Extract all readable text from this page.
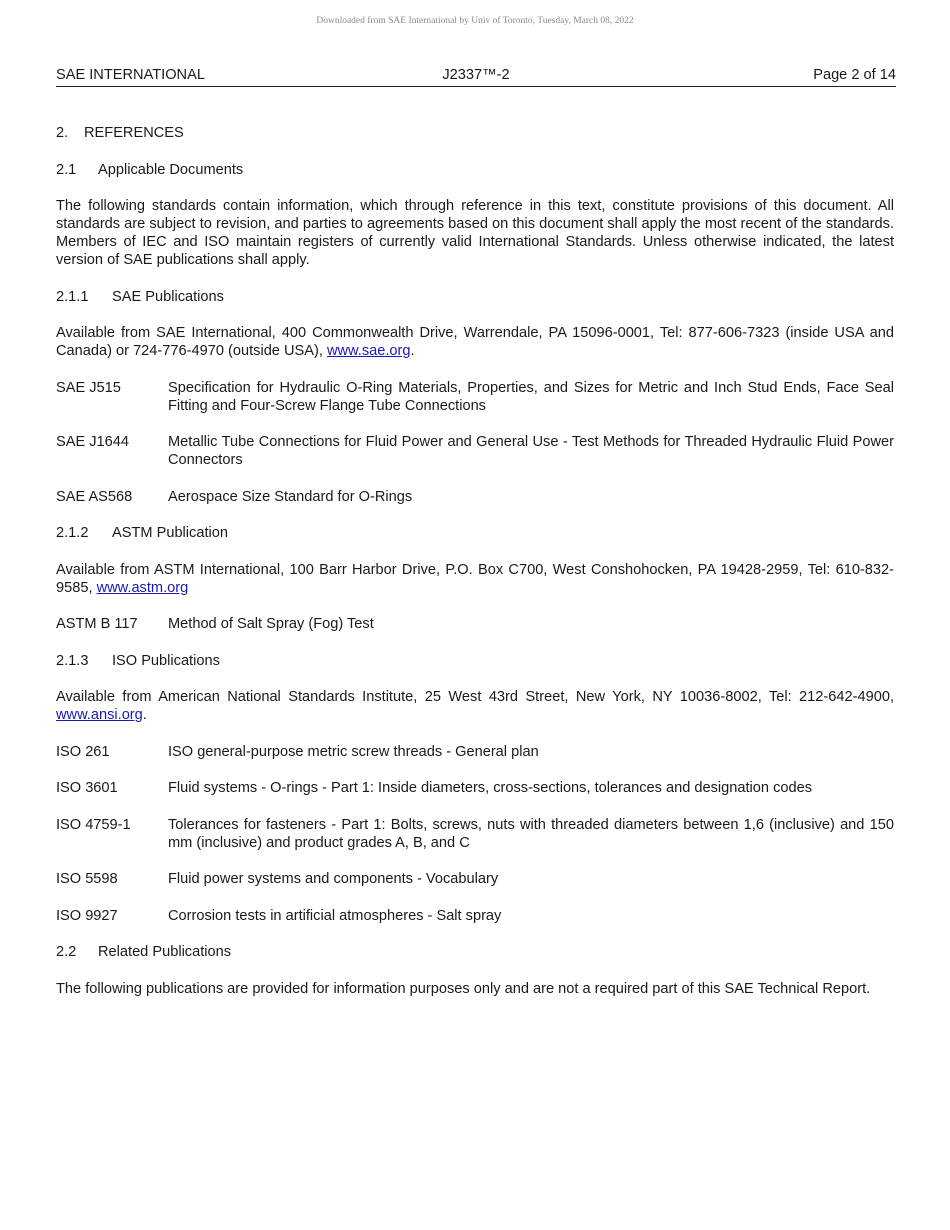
Downloaded from SAE International by Univ of Toronto, Tuesday, March 08, 2022
J2337™-2
SAE INTERNATIONAL	Page 2 of 14
2. REFERENCES
2.1 Applicable Documents
The following standards contain information, which through reference in this text, constitute provisions of this document. All standards are subject to revision, and parties to agreements based on this document shall apply the most recent of the standards. Members of IEC and ISO maintain registers of currently valid International Standards. Unless otherwise indicated, the latest version of SAE publications shall apply.
2.1.1 SAE Publications
Available from SAE International, 400 Commonwealth Drive, Warrendale, PA 15096-0001, Tel: 877-606-7323 (inside USA and Canada) or 724-776-4970 (outside USA), www.sae.org.
SAE J515	Specification for Hydraulic O-Ring Materials, Properties, and Sizes for Metric and Inch Stud Ends, Face Seal Fitting and Four-Screw Flange Tube Connections
SAE J1644	Metallic Tube Connections for Fluid Power and General Use - Test Methods for Threaded Hydraulic Fluid Power Connectors
SAE AS568	Aerospace Size Standard for O-Rings
2.1.2 ASTM Publication
Available from ASTM International, 100 Barr Harbor Drive, P.O. Box C700, West Conshohocken, PA 19428-2959, Tel: 610-832-9585, www.astm.org
ASTM B 117	Method of Salt Spray (Fog) Test
2.1.3 ISO Publications
Available from American National Standards Institute, 25 West 43rd Street, New York, NY 10036-8002, Tel: 212-642-4900, www.ansi.org.
ISO 261	ISO general-purpose metric screw threads - General plan
ISO 3601	Fluid systems - O-rings - Part 1: Inside diameters, cross-sections, tolerances and designation codes
ISO 4759-1	Tolerances for fasteners - Part 1: Bolts, screws, nuts with threaded diameters between 1,6 (inclusive) and 150 mm (inclusive) and product grades A, B, and C
ISO 5598	Fluid power systems and components - Vocabulary
ISO 9927	Corrosion tests in artificial atmospheres - Salt spray
2.2 Related Publications
The following publications are provided for information purposes only and are not a required part of this SAE Technical Report.
